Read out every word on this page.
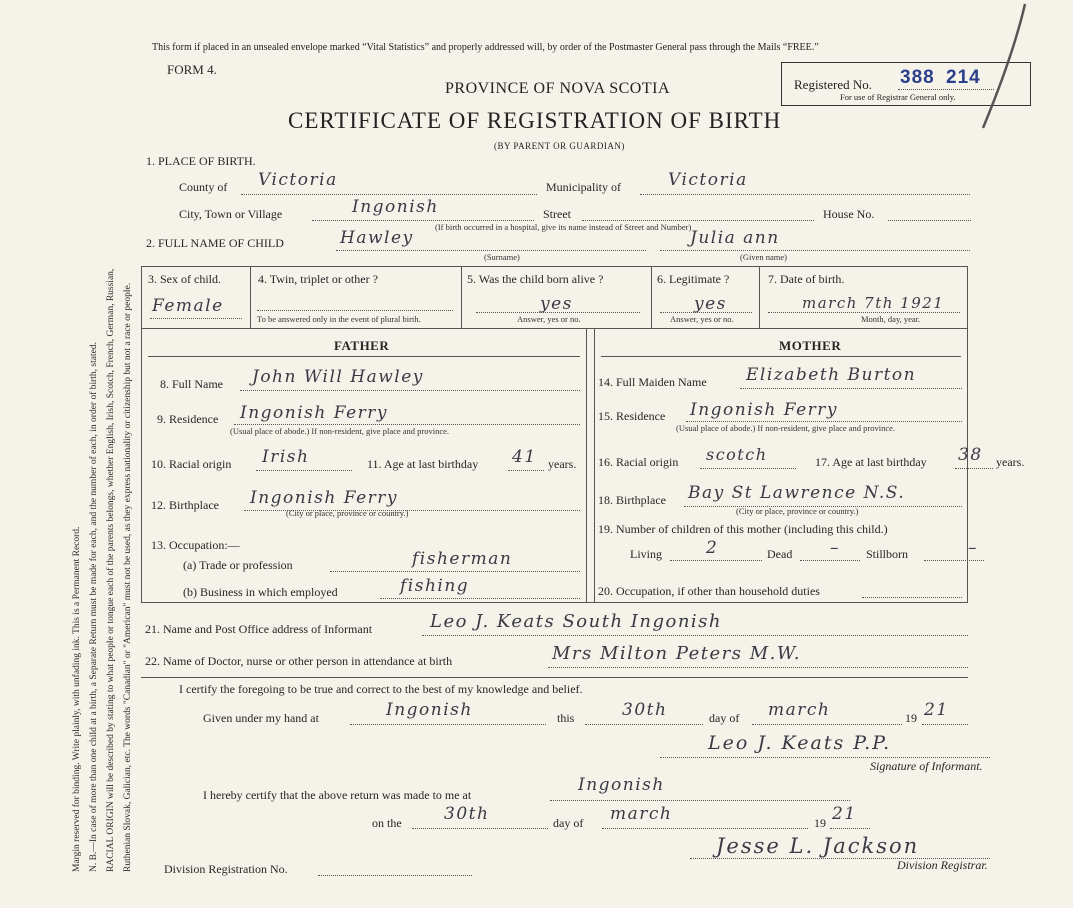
Margin reserved for binding. Write plainly, with unfading ink. This is a Permanent Record. N. B.—In case of more than one child at a birth, a Separate Return must be made for each, and the number of each, in order of birth, stated. RACIAL ORIGIN will be described by stating to what people or tongue each of the parents belongs, whether English, Irish, Scotch, French, German, Russian, Ruthenian Slovak, Galician, etc. The words "Canadian" or "American" must not be used, as they express nationality or citizenship but not a race or people.
This form if placed in an unsealed envelope marked “Vital Statistics” and properly addressed will, by order of the Postmaster General pass through the Mails “FREE.”
FORM 4.
PROVINCE OF NOVA SCOTIA
CERTIFICATE OF REGISTRATION OF BIRTH
(BY PARENT OR GUARDIAN)
Registered No. 388 214
For use of Registrar General only.
1. PLACE OF BIRTH.
County of Victoria	Municipality of	Victoria
City, Town or Village	Ingonish	Street
(If birth occurred in a hospital, give its name instead of Street and Number)
House No.
2. FULL NAME OF CHILD	Hawley
(Surname)
Julia ann
(Given name)
3. Sex of child.
Female
4. Twin, triplet or other ?
To be answered only in the event of plural birth.
5. Was the child born alive ?
yes
Answer, yes or no.
6. Legitimate ?
yes
Answer, yes or no.
7. Date of birth.
march 7th 1921
Month, day, year.
FATHER	MOTHER
8. Full Name John Will Hawley
9. Residence Ingonish Ferry
(Usual place of abode.) If non-resident, give place and province.
10. Racial origin Irish	11. Age at last birthday 41 years.
12. Birthplace Ingonish Ferry
(City or place, province or country.)
13. Occupation:—
(a) Trade or profession	fisherman
(b) Business in which employed	fishing
14. Full Maiden Name Elizabeth Burton
15. Residence Ingonish Ferry
(Usual place of abode.) If non-resident, give place and province.
16. Racial origin scotch	17. Age at last birthday 38 years.
18. Birthplace Bay St Lawrence N.S.
(City or place, province or country.)
19. Number of children of this mother (including this child.)
Living	2	Dead – Stillborn	–
20. Occupation, if other than household duties
21. Name and Post Office address of Informant	Leo J. Keats South Ingonish
22. Name of Doctor, nurse or other person in attendance at birth	Mrs Milton Peters M.W.
I certify the foregoing to be true and correct to the best of my knowledge and belief.
Given under my hand at	Ingonish	this	30th	day of march	19 21
Leo J. Keats P.P.
Signature of Informant.
I hereby certify that the above return was made to me at	Ingonish
on the 30th	day of march	19 21
Division Registration No.
Jesse L. Jackson
Division Registrar.
